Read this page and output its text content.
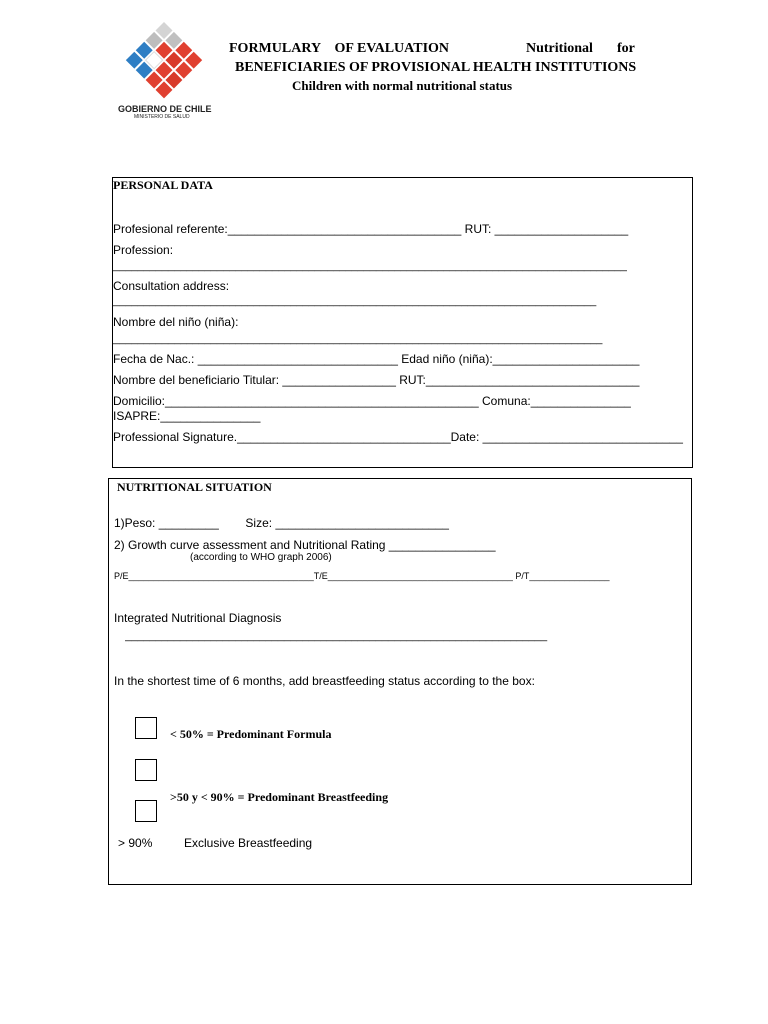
GOBIERNO DE CHILE
MINISTERIO DE SALUD
FORMULARY    OF EVALUATION	Nutritional for
BENEFICIARIES OF PROVISIONAL HEALTH INSTITUTIONS
Children with normal nutritional status
PERSONAL DATA
Profesional referente:___________________________________ RUT: ____________________
Profession:
____________________________________________________________________________________
Consultation address:
_______________________________________________________________________________
Nombre del niño (niña):
________________________________________________________________________________
Fecha de Nac.: ______________________________ Edad niño (niña):______________________
Nombre del beneficiario Titular: _________________ RUT:________________________________
Domicilio:_______________________________________________ Comuna:_______________
ISAPRE:_______________
Professional Signature.________________________________Date: ______________________________
NUTRITIONAL SITUATION
1)Peso: _________        Size: __________________________
2) Growth curve assessment and Nutritional Rating ________________
(according to WHO graph 2006)
P/E_____________________________________T/E_____________________________________ P/T________________
Integrated Nutritional Diagnosis
_____________________________________________________________________
In the shortest time of 6 months, add breastfeeding status according to the box:
< 50% = Predominant Formula
>50 y < 90% = Predominant Breastfeeding
> 90%	Exclusive Breastfeeding
